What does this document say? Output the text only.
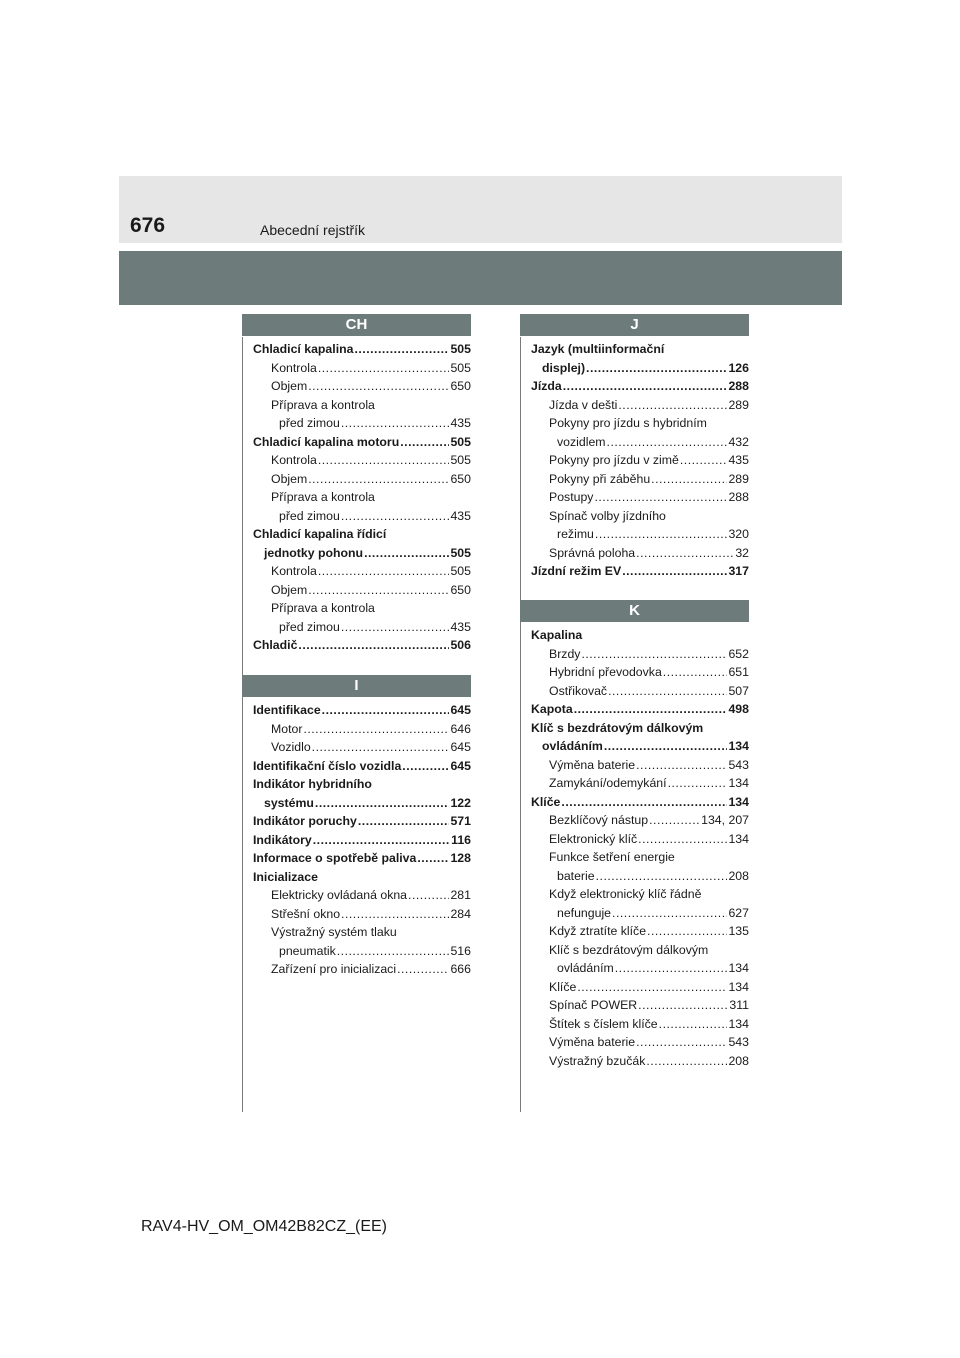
676	Abecední rejstřík
CH
Chladicí kapalina .....	505
Kontrola .....	505
Objem .....	650
Příprava a kontrola
před zimou .....	435
Chladicí kapalina motoru .....	505
Kontrola .....	505
Objem .....	650
Příprava a kontrola
před zimou .....	435
Chladicí kapalina řídicí
jednotky pohonu .....	505
Kontrola .....	505
Objem .....	650
Příprava a kontrola
před zimou .....	435
Chladič .....	506
I
Identifikace .....	645
Motor .....	646
Vozidlo .....	645
Identifikační číslo vozidla .....	645
Indikátor hybridního
systému .....	122
Indikátor poruchy .....	571
Indikátory .....	116
Informace o spotřebě paliva .....	128
Inicializace
Elektricky ovládaná okna .....	281
Střešní okno .....	284
Výstražný systém tlaku
pneumatik .....	516
Zařízení pro inicializaci .....	666
J
Jazyk (multiinformační
displej) .....	126
Jízda .....	288
Jízda v dešti .....	289
Pokyny pro jízdu s hybridním
vozidlem .....	432
Pokyny pro jízdu v zimě .....	435
Pokyny při záběhu .....	289
Postupy .....	288
Spínač volby jízdního
režimu .....	320
Správná poloha .....	32
Jízdní režim EV .....	317
K
Kapalina
Brzdy .....	652
Hybridní převodovka .....	651
Ostřikovač .....	507
Kapota .....	498
Klíč s bezdrátovým dálkovým
ovládáním .....	134
Výměna baterie .....	543
Zamykání/odemykání .....	134
Klíče .....	134
Bezklíčový nástup .....	134, 207
Elektronický klíč .....	134
Funkce šetření energie
baterie .....	208
Když elektronický klíč řádně
nefunguje .....	627
Když ztratíte klíče .....	135
Klíč s bezdrátovým dálkovým
ovládáním .....	134
Klíče .....	134
Spínač POWER .....	311
Štítek s číslem klíče .....	134
Výměna baterie .....	543
Výstražný bzučák .....	208
RAV4-HV_OM_OM42B82CZ_(EE)
